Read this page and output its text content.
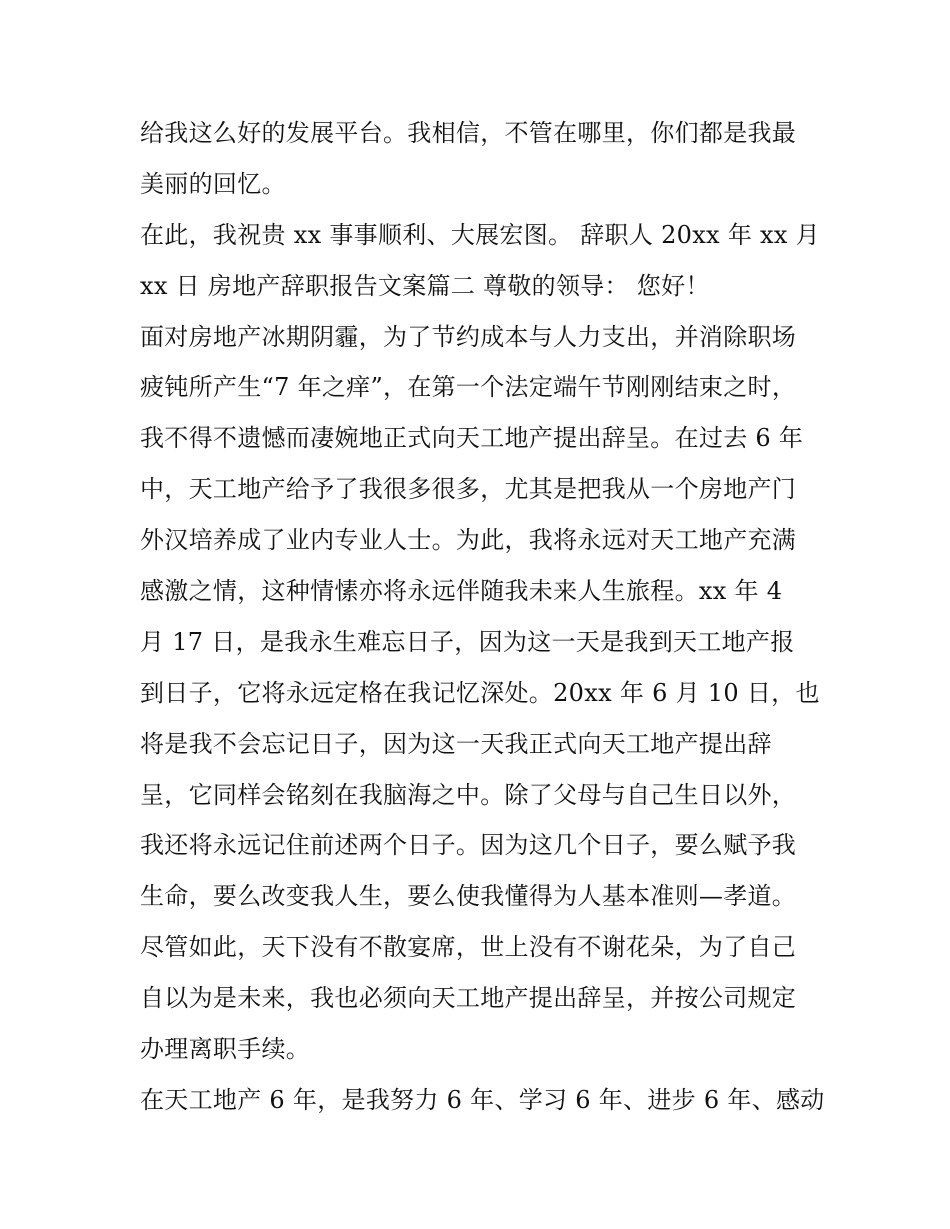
给我这么好的发展平台。我相信，不管在哪里，你们都是我最
美丽的回忆。
在此，我祝贵 xx 事事顺利、大展宏图。 辞职人 20xx 年 xx 月
xx 日 房地产辞职报告文案篇二 尊敬的领导： 您好！
面对房地产冰期阴霾，为了节约成本与人力支出，并消除职场
疲钝所产生“7 年之痒”，在第一个法定端午节刚刚结束之时，
我不得不遗憾而凄婉地正式向天工地产提出辞呈。在过去 6 年
中，天工地产给予了我很多很多，尤其是把我从一个房地产门
外汉培养成了业内专业人士。为此，我将永远对天工地产充满
感激之情，这种情愫亦将永远伴随我未来人生旅程。xx 年 4
月 17 日，是我永生难忘日子，因为这一天是我到天工地产报
到日子，它将永远定格在我记忆深处。20xx 年 6 月 10 日，也
将是我不会忘记日子，因为这一天我正式向天工地产提出辞
呈，它同样会铭刻在我脑海之中。除了父母与自己生日以外，
我还将永远记住前述两个日子。因为这几个日子，要么赋予我
生命，要么改变我人生，要么使我懂得为人基本准则—孝道。
尽管如此，天下没有不散宴席，世上没有不谢花朵，为了自己
自以为是未来，我也必须向天工地产提出辞呈，并按公司规定
办理离职手续。
在天工地产 6 年，是我努力 6 年、学习 6 年、进步 6 年、感动
